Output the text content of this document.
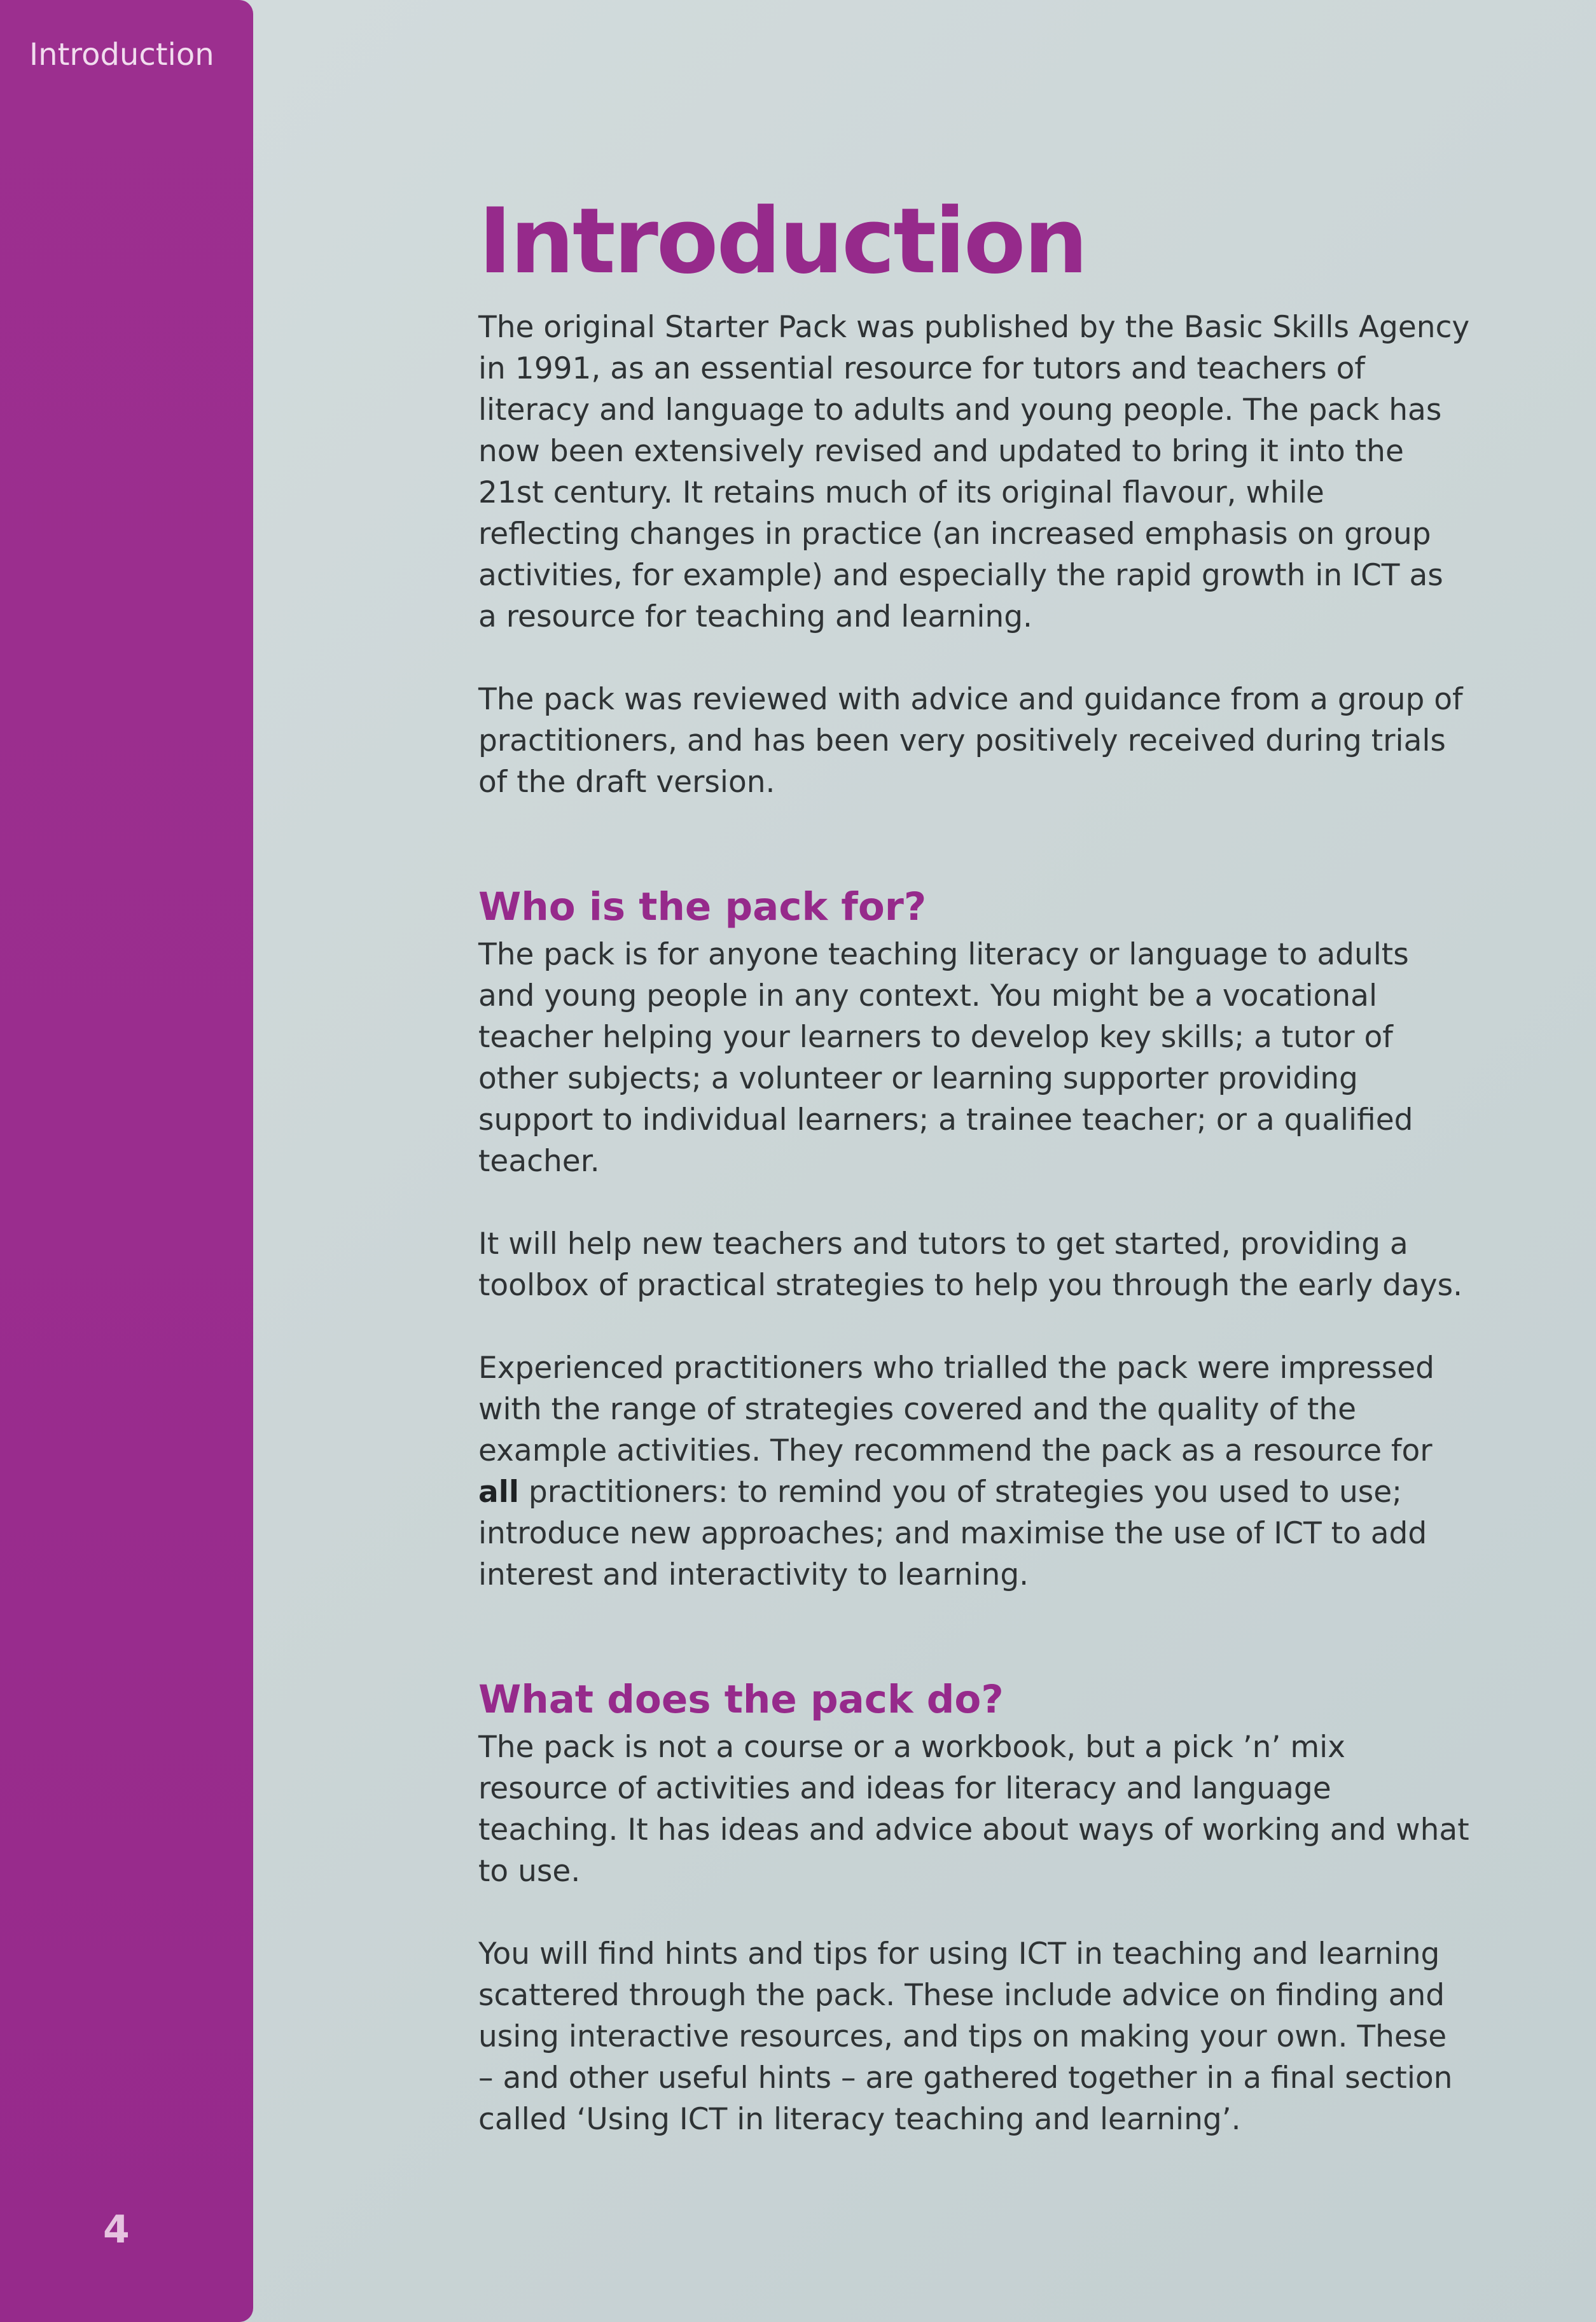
Introduction
4
Introduction

The original Starter Pack was published by the Basic Skills Agency in 1991, as an essential resource for tutors and teachers of literacy and language to adults and young people. The pack has now been extensively revised and updated to bring it into the 21st century. It retains much of its original flavour, while reflecting changes in practice (an increased emphasis on group activities, for example) and especially the rapid growth in ICT as a resource for teaching and learning.

The pack was reviewed with advice and guidance from a group of practitioners, and has been very positively received during trials of the draft version.

Who is the pack for?

The pack is for anyone teaching literacy or language to adults and young people in any context. You might be a vocational teacher helping your learners to develop key skills; a tutor of other subjects; a volunteer or learning supporter providing support to individual learners; a trainee teacher; or a qualified teacher.

It will help new teachers and tutors to get started, providing a toolbox of practical strategies to help you through the early days.

Experienced practitioners who trialled the pack were impressed with the range of strategies covered and the quality of the example activities. They recommend the pack as a resource for all practitioners: to remind you of strategies you used to use; introduce new approaches; and maximise the use of ICT to add interest and interactivity to learning.

What does the pack do?

The pack is not a course or a workbook, but a pick ’n’ mix resource of activities and ideas for literacy and language teaching. It has ideas and advice about ways of working and what to use.

You will find hints and tips for using ICT in teaching and learning scattered through the pack. These include advice on finding and using interactive resources, and tips on making your own. These – and other useful hints – are gathered together in a final section called ‘Using ICT in literacy teaching and learning’.
